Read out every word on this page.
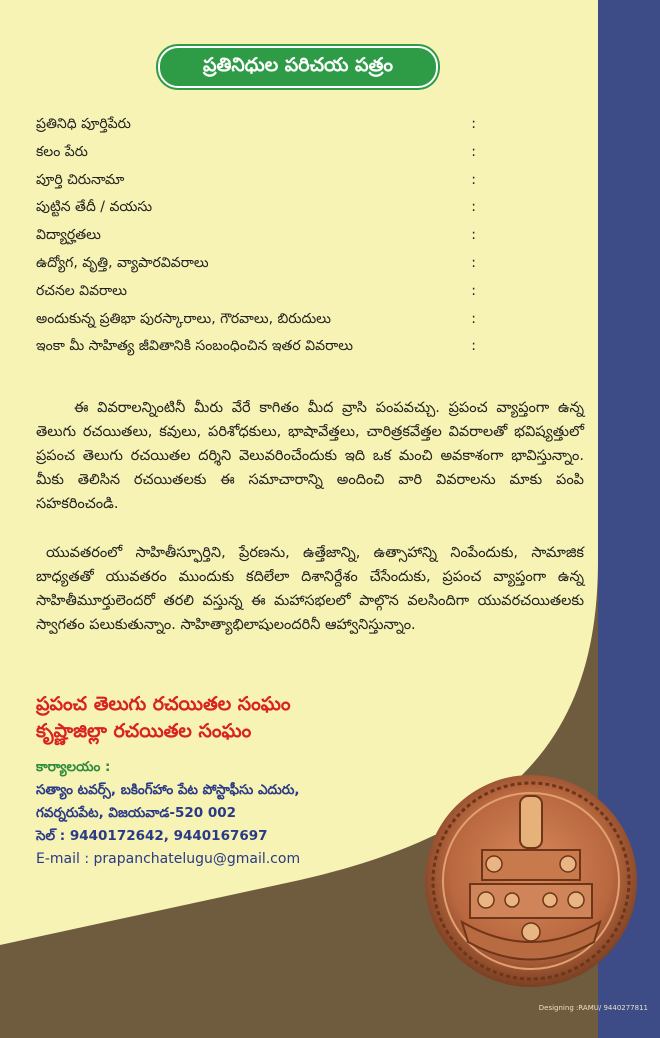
ప్రతినిధుల పరిచయ పత్రం
ప్రతినిధి పూర్తిపేరు	:
కలం పేరు	:
పూర్తి చిరునామా	:
పుట్టిన తేదీ / వయసు	:
విద్యార్హతలు	:
ఉద్యోగ, వృత్తి, వ్యాపారవివరాలు	:
రచనల వివరాలు	:
అందుకున్న ప్రతిభా పురస్కారాలు, గౌరవాలు, బిరుదులు	:
ఇంకా మీ సాహిత్య జీవితానికి సంబంధించిన ఇతర వివరాలు	:
ఈ వివరాలన్నింటినీ మీరు వేరే కాగితం మీద వ్రాసి పంపవచ్చు. ప్రపంచ వ్యాప్తంగా ఉన్న తెలుగు రచయితలు, కవులు, పరిశోధకులు, భాషావేత్తలు, చారిత్రకవేత్తల వివరాలతో భవిష్యత్తులో ప్రపంచ తెలుగు రచయితల దర్శిని వెలువరించేందుకు ఇది ఒక మంచి అవకాశంగా భావిస్తున్నాం. మీకు తెలిసిన రచయితలకు ఈ సమాచారాన్ని అందించి వారి వివరాలను మాకు పంపి సహకరించండి.
యువతరంలో సాహితీస్ఫూర్తిని, ప్రేరణను, ఉత్తేజాన్ని, ఉత్సాహాన్ని నింపేందుకు, సామాజిక బాధ్యతతో యువతరం ముందుకు కదిలేలా దిశానిర్దేశం చేసేందుకు, ప్రపంచ వ్యాప్తంగా ఉన్న సాహితీమూర్తులెందరో తరలి వస్తున్న ఈ మహాసభలలో పాల్గొన వలసిందిగా యువరచయితలకు స్వాగతం పలుకుతున్నాం. సాహిత్యాభిలాషులందరినీ ఆహ్వానిస్తున్నాం.
ప్రపంచ తెలుగు రచయితల సంఘం
కృష్ణాజిల్లా రచయితల సంఘం
కార్యాలయం :
సత్యాం టవర్స్, బకింగ్‌హాం పేట పోస్టాఫీసు ఎదురు,
గవర్నరుపేట, విజయవాడ-520 002
సెల్ : 9440172642, 9440167697
E-mail : prapanchatelugu@gmail.com
Designing :RAMU/ 9440277811
